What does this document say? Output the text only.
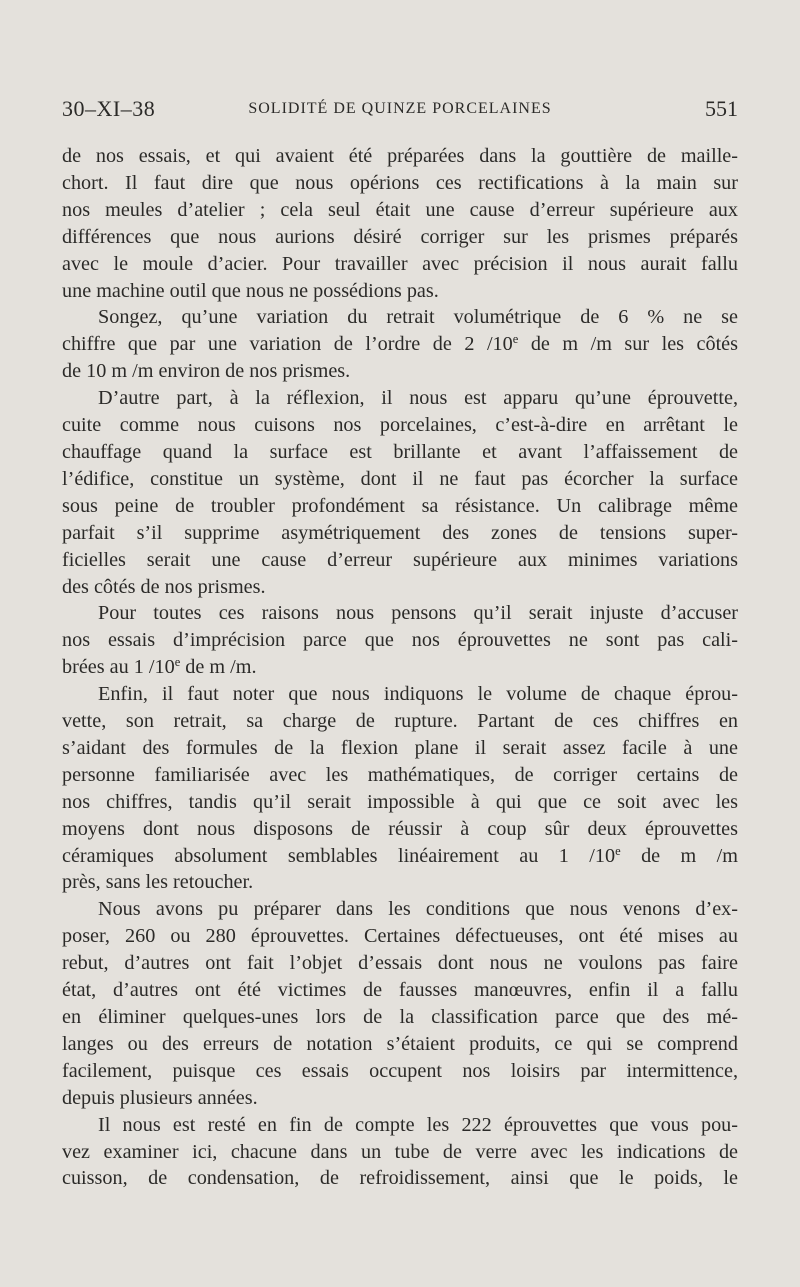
30–XI–38	SOLIDITÉ DE QUINZE PORCELAINES	551

de nos essais, et qui avaient été préparées dans la gouttière de maille-

chort. Il faut dire que nous opérions ces rectifications à la main sur

nos meules d’atelier ; cela seul était une cause d’erreur supérieure aux

différences que nous aurions désiré corriger sur les prismes préparés

avec le moule d’acier. Pour travailler avec précision il nous aurait fallu

une machine outil que nous ne possédions pas.

Songez, qu’une variation du retrait volumétrique de 6 % ne se

chiffre que par une variation de l’ordre de 2 /10e de m /m sur les côtés

de 10 m /m environ de nos prismes.

D’autre part, à la réflexion, il nous est apparu qu’une éprouvette,

cuite comme nous cuisons nos porcelaines, c’est-à-dire en arrêtant le

chauffage quand la surface est brillante et avant l’affaissement de

l’édifice, constitue un système, dont il ne faut pas écorcher la surface

sous peine de troubler profondément sa résistance. Un calibrage même

parfait s’il supprime asymétriquement des zones de tensions super-

ficielles serait une cause d’erreur supérieure aux minimes variations

des côtés de nos prismes.

Pour toutes ces raisons nous pensons qu’il serait injuste d’accuser

nos essais d’imprécision parce que nos éprouvettes ne sont pas cali-

brées au 1 /10e de m /m.

Enfin, il faut noter que nous indiquons le volume de chaque éprou-

vette, son retrait, sa charge de rupture. Partant de ces chiffres en

s’aidant des formules de la flexion plane il serait assez facile à une

personne familiarisée avec les mathématiques, de corriger certains de

nos chiffres, tandis qu’il serait impossible à qui que ce soit avec les

moyens dont nous disposons de réussir à coup sûr deux éprouvettes

céramiques absolument semblables linéairement au 1 /10e de m /m

près, sans les retoucher.

Nous avons pu préparer dans les conditions que nous venons d’ex-

poser, 260 ou 280 éprouvettes. Certaines défectueuses, ont été mises au

rebut, d’autres ont fait l’objet d’essais dont nous ne voulons pas faire

état, d’autres ont été victimes de fausses manœuvres, enfin il a fallu

en éliminer quelques-unes lors de la classification parce que des mé-

langes ou des erreurs de notation s’étaient produits, ce qui se comprend

facilement, puisque ces essais occupent nos loisirs par intermittence,

depuis plusieurs années.

Il nous est resté en fin de compte les 222 éprouvettes que vous pou-

vez examiner ici, chacune dans un tube de verre avec les indications de

cuisson, de condensation, de refroidissement, ainsi que le poids, le
